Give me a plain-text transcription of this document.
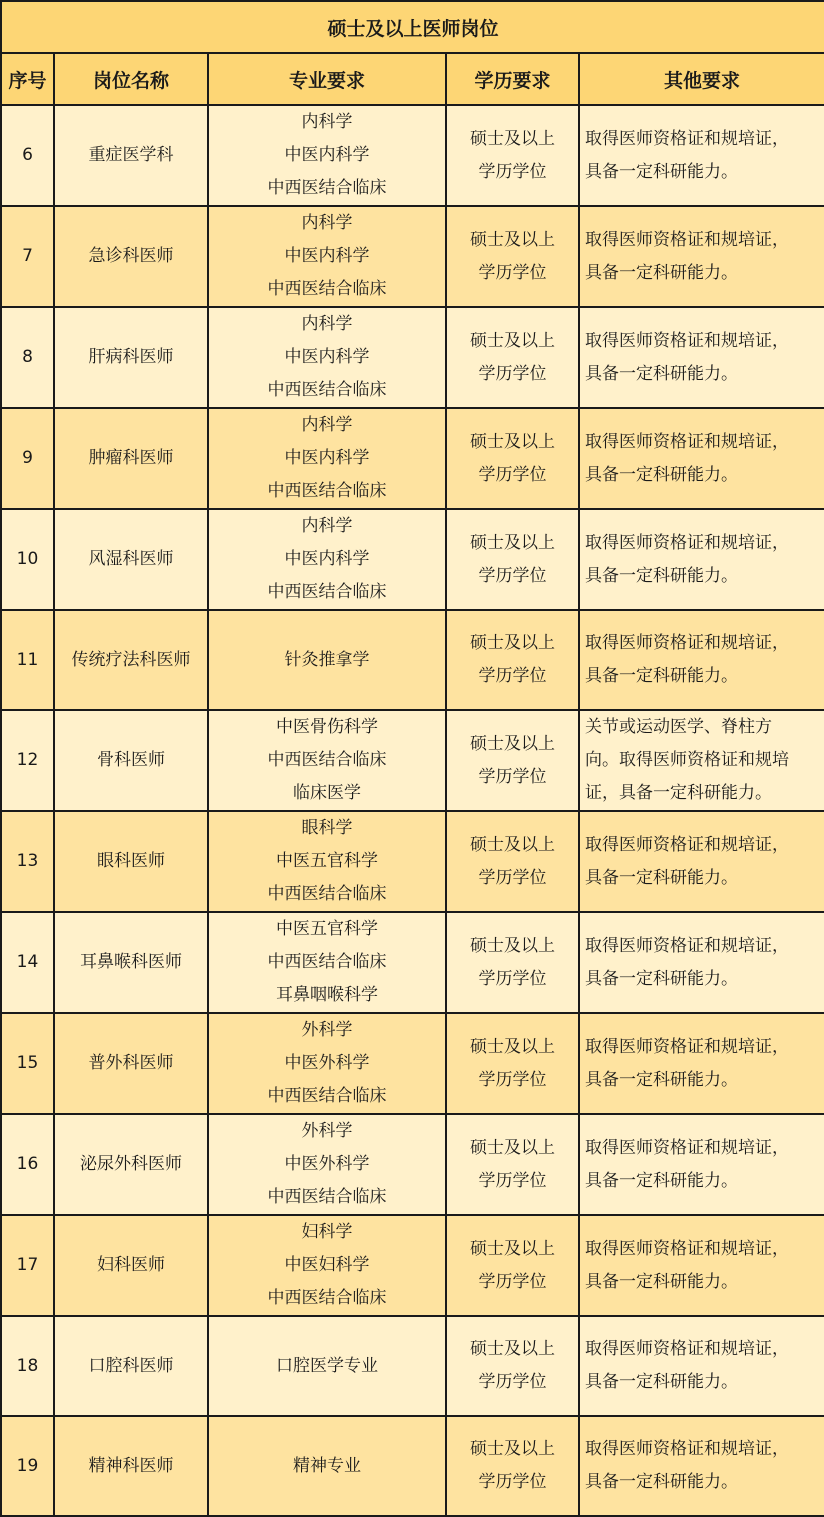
硕士及以上医师岗位				
序号	岗位名称	专业要求	学历要求	其他要求
6	重症医学科	内科学
中医内科学
中西医结合临床	硕士及以上
学历学位	取得医师资格证和规培证，
具备一定科研能力。
7	急诊科医师	内科学
中医内科学
中西医结合临床	硕士及以上
学历学位	取得医师资格证和规培证，
具备一定科研能力。
8	肝病科医师	内科学
中医内科学
中西医结合临床	硕士及以上
学历学位	取得医师资格证和规培证，
具备一定科研能力。
9	肿瘤科医师	内科学
中医内科学
中西医结合临床	硕士及以上
学历学位	取得医师资格证和规培证，
具备一定科研能力。
10	风湿科医师	内科学
中医内科学
中西医结合临床	硕士及以上
学历学位	取得医师资格证和规培证，
具备一定科研能力。
11	传统疗法科医师	针灸推拿学	硕士及以上
学历学位	取得医师资格证和规培证，
具备一定科研能力。
12	骨科医师	中医骨伤科学
中西医结合临床
临床医学	硕士及以上
学历学位	关节或运动医学、脊柱方
向。取得医师资格证和规培
证，具备一定科研能力。
13	眼科医师	眼科学
中医五官科学
中西医结合临床	硕士及以上
学历学位	取得医师资格证和规培证，
具备一定科研能力。
14	耳鼻喉科医师	中医五官科学
中西医结合临床
耳鼻咽喉科学	硕士及以上
学历学位	取得医师资格证和规培证，
具备一定科研能力。
15	普外科医师	外科学
中医外科学
中西医结合临床	硕士及以上
学历学位	取得医师资格证和规培证，
具备一定科研能力。
16	泌尿外科医师	外科学
中医外科学
中西医结合临床	硕士及以上
学历学位	取得医师资格证和规培证，
具备一定科研能力。
17	妇科医师	妇科学
中医妇科学
中西医结合临床	硕士及以上
学历学位	取得医师资格证和规培证，
具备一定科研能力。
18	口腔科医师	口腔医学专业	硕士及以上
学历学位	取得医师资格证和规培证，
具备一定科研能力。
19	精神科医师	精神专业	硕士及以上
学历学位	取得医师资格证和规培证，
具备一定科研能力。
